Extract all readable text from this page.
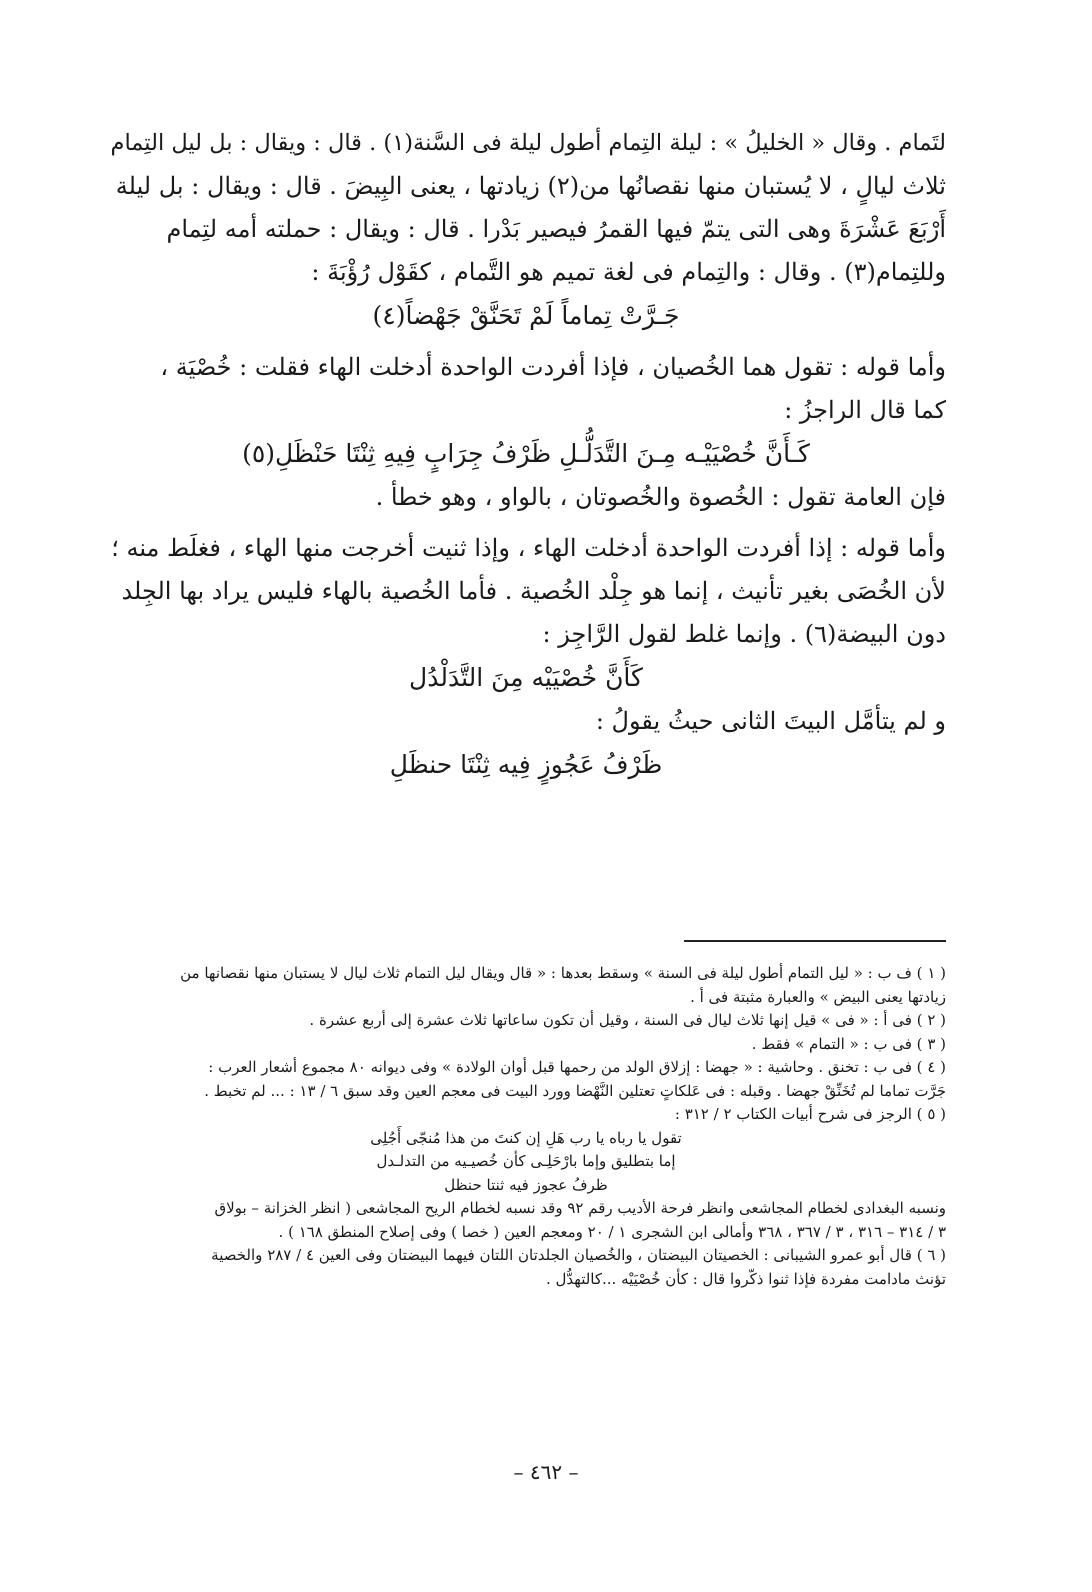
لتَمام . وقال « الخليلُ » : ليلة التِمام أطول ليلة فى السَّنة(١) . قال : ويقال : بل ليل التِمام
ثلاث ليالٍ ، لا يُستبان منها نقصانُها من(٢) زيادتها ، يعنى البِيضَ . قال : ويقال : بل ليلة
أَرْبَعَ عَشْرَةَ وهى التى يتمّ فيها القمرُ فيصير بَدْرا . قال : ويقال : حملته أمه لتِمام
وللتِمام(٣) . وقال : والتِمام فى لغة تميم هو التَّمام ، كقَوْل رُؤْبَةَ :
جَـرَّتْ تِماماً لَمْ تَحَنَّقْ جَهْضاً(٤)
وأما قوله : تقول هما الخُصيان ، فإذا أفردت الواحدة أدخلت الهاء فقلت : خُصْيَة ،
كما قال الراجزُ :
كَـأَنَّ خُصْيَيْـه مِـنَ التَّدَلُّـلِ ظَرْفُ جِرَابٍ فِيهِ ثِنْتَا حَنْظَلِ(٥)
فإن العامة تقول : الخُصوة والخُصوتان ، بالواو ، وهو خطأ .
وأما قوله : إذا أفردت الواحدة أدخلت الهاء ، وإذا ثنيت أخرجت منها الهاء ، فغلَط منه ؛
لأن الخُصَى بغير تأنيث ، إنما هو جِلْد الخُصية . فأما الخُصية بالهاء فليس يراد بها الجِلد
دون البيضة(٦) . وإنما غلط لقول الرَّاجِز :
كَأَنَّ خُصْيَيْه مِنَ التَّدَلْدُل
و لم يتأمَّل البيتَ الثانى حيثُ يقولُ :
ظَرْفُ عَجُوزٍ فِيه ثِنْتَا حنظَلِ
( ١ ) ف ب : « ليل التمام أطول ليلة فى السنة » وسقط بعدها : « قال ويقال ليل التمام ثلاث ليال لا يستبان منها نقصانها من
زيادتها يعنى البيض » والعبارة مثبتة فى أ .
( ٢ ) فى أ : « فى » قيل إنها ثلاث ليال فى السنة ، وقيل أن تكون ساعاتها ثلاث عشرة إلى أربع عشرة .
( ٣ ) فى ب : « التمام » فقط .
( ٤ ) فى ب : تخنق . وحاشية : « جهضا : إزلاق الولد من رحمها قبل أوان الولادة » وفى ديوانه ٨٠ مجموع أشعار العرب :
جَرَّت تماما لم تُخَنِّقْ جهضا . وقبله : فى عَلكاتٍ تعتلين النَّهْضا وورد البيت فى معجم العين وقد سبق ٦ / ١٣ : ... لم تخبط .
( ٥ ) الرجز فى شرح أبيات الكتاب ٢ / ٣١٢ :
تقول يا رباه يا رب هَلِ إن كنتَ من هذا مُنجّى أَجُلِى
إما بتطليق وإما بارْحَلِـى كأن خُصيـيه من التدلـدل
ظرفُ عجوز فيه ثنتا حنظل
ونسبه البغدادى لخطام المجاشعى وانظر فرحة الأديب رقم ٩٢ وقد نسبه لخطام الريح المجاشعى ( انظر الخزانة – بولاق
٣ / ٣١٤ – ٣١٦ ، ٣ / ٣٦٧ ، ٣٦٨ وأمالى ابن الشجرى ١ / ٢٠ ومعجم العين ( خصا ) وفى إصلاح المنطق ١٦٨ ) .
( ٦ ) قال أبو عمرو الشيبانى : الخصيتان البيضتان ، والخُصيان الجلدتان اللتان فيهما البيضتان وفى العين ٤ / ٢٨٧ والخصية
تؤنث مادامت مفردة فإذا ثنوا ذكّروا قال : كأن خُصْيَيْه ...كالتهدُّل .
– ٤٦٢ –
